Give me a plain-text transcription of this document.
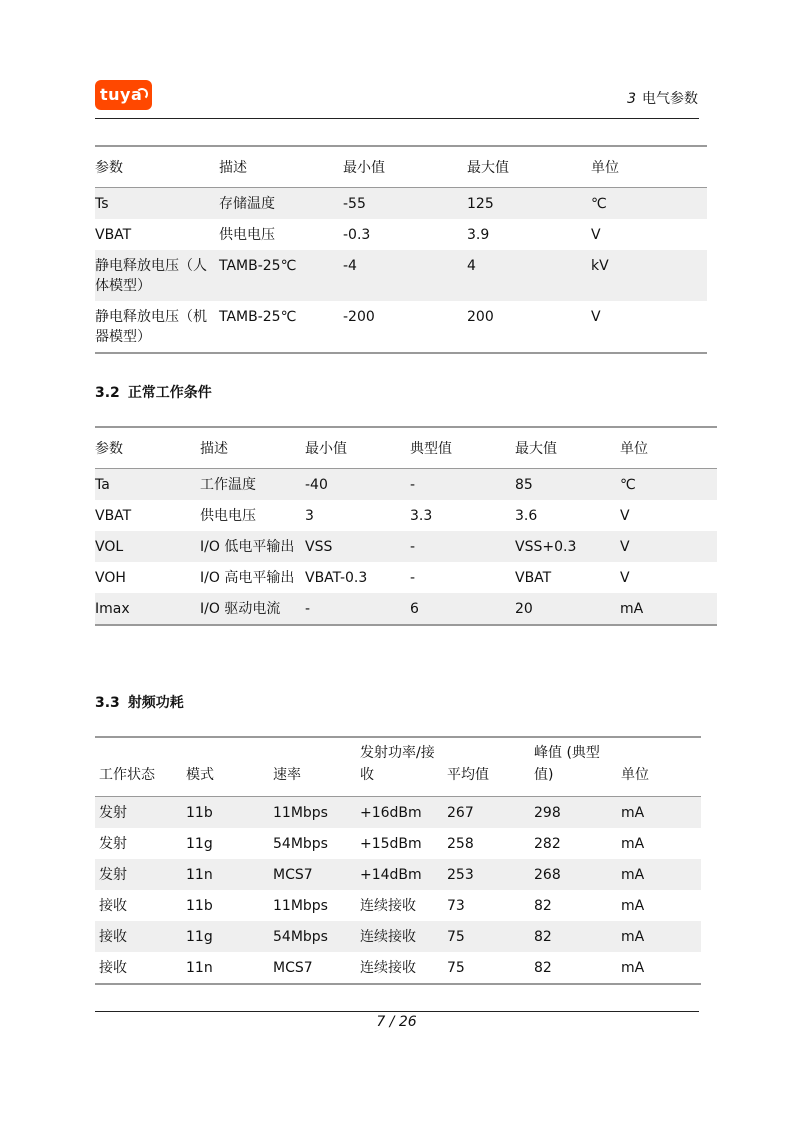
tuya	3 电气参数
参数	描述	最小值	最大值	单位
Ts	存储温度	-55	125	℃
VBAT	供电电压	-0.3	3.9	V
静电释放电压（人体模型）	TAMB-25℃	-4	4	kV
静电释放电压（机器模型）	TAMB-25℃	-200	200	V
3.2 正常工作条件
参数	描述	最小值	典型值	最大值	单位
Ta	工作温度	-40	-	85	℃
VBAT	供电电压	3	3.3	3.6	V
VOL	I/O 低电平输出	VSS	-	VSS+0.3	V
VOH	I/O 高电平输出	VBAT-0.3	-	VBAT	V
Imax	I/O 驱动电流	-	6	20	mA
3.3 射频功耗
工作状态	模式	速率	发射功率/接收	平均值	峰值 (典型值)	单位
发射	11b	11Mbps	+16dBm	267	298	mA
发射	11g	54Mbps	+15dBm	258	282	mA
发射	11n	MCS7	+14dBm	253	268	mA
接收	11b	11Mbps	连续接收	73	82	mA
接收	11g	54Mbps	连续接收	75	82	mA
接收	11n	MCS7	连续接收	75	82	mA
7 / 26
